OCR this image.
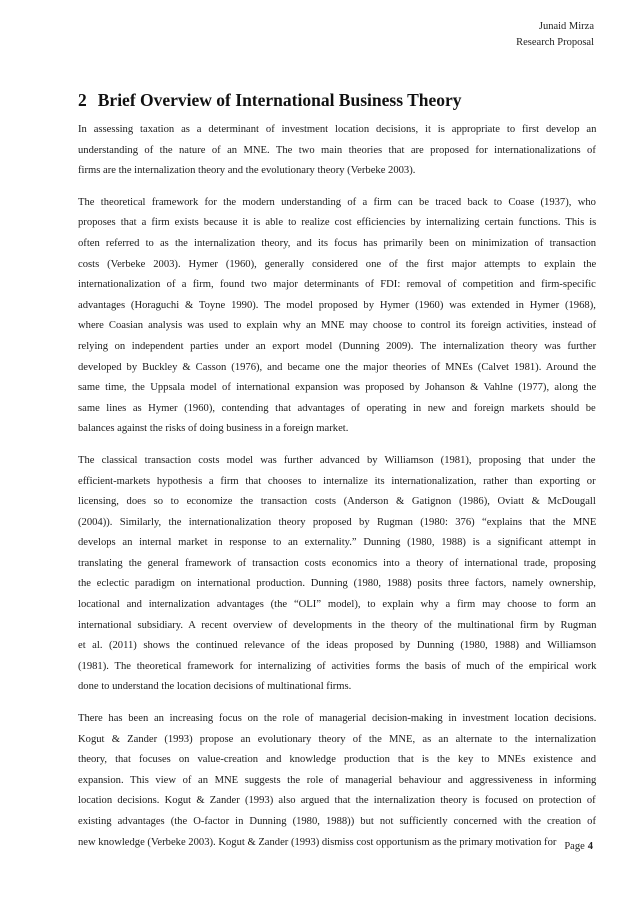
Junaid Mirza
Research Proposal
2 Brief Overview of International Business Theory

In assessing taxation as a determinant of investment location decisions, it is appropriate to first develop an
understanding of the nature of an MNE. The two main theories that are proposed for internationalizations of
firms are the internalization theory and the evolutionary theory (Verbeke 2003).

The theoretical framework for the modern understanding of a firm can be traced back to Coase (1937), who
proposes that a firm exists because it is able to realize cost efficiencies by internalizing certain functions. This is
often referred to as the internalization theory, and its focus has primarily been on minimization of transaction
costs (Verbeke 2003). Hymer (1960), generally considered one of the first major attempts to explain the
internationalization of a firm, found two major determinants of FDI: removal of competition and firm-specific
advantages (Horaguchi & Toyne 1990). The model proposed by Hymer (1960) was extended in Hymer (1968),
where Coasian analysis was used to explain why an MNE may choose to control its foreign activities, instead of
relying on independent parties under an export model (Dunning 2009). The internalization theory was further
developed by Buckley & Casson (1976), and became one the major theories of MNEs (Calvet 1981). Around the
same time, the Uppsala model of international expansion was proposed by Johanson & Vahlne (1977), along the
same lines as Hymer (1960), contending that advantages of operating in new and foreign markets should be
balances against the risks of doing business in a foreign market.

The classical transaction costs model was further advanced by Williamson (1981), proposing that under the
efficient-markets hypothesis a firm that chooses to internalize its internationalization, rather than exporting or
licensing, does so to economize the transaction costs (Anderson & Gatignon (1986), Oviatt & McDougall
(2004)). Similarly, the internationalization theory proposed by Rugman (1980: 376) “explains that the MNE
develops an internal market in response to an externality.” Dunning (1980, 1988) is a significant attempt in
translating the general framework of transaction costs economics into a theory of international trade, proposing
the eclectic paradigm on international production. Dunning (1980, 1988) posits three factors, namely ownership,
locational and internalization advantages (the “OLI” model), to explain why a firm may choose to form an
international subsidiary. A recent overview of developments in the theory of the multinational firm by Rugman
et al. (2011) shows the continued relevance of the ideas proposed by Dunning (1980, 1988) and Williamson
(1981). The theoretical framework for internalizing of activities forms the basis of much of the empirical work
done to understand the location decisions of multinational firms.

There has been an increasing focus on the role of managerial decision-making in investment location decisions.
Kogut & Zander (1993) propose an evolutionary theory of the MNE, as an alternate to the internalization
theory, that focuses on value-creation and knowledge production that is the key to MNEs existence and
expansion. This view of an MNE suggests the role of managerial behaviour and aggressiveness in informing
location decisions. Kogut & Zander (1993) also argued that the internalization theory is focused on protection of
existing advantages (the O-factor in Dunning (1980, 1988)) but not sufficiently concerned with the creation of
new knowledge (Verbeke 2003). Kogut & Zander (1993) dismiss cost opportunism as the primary motivation for Page 4
